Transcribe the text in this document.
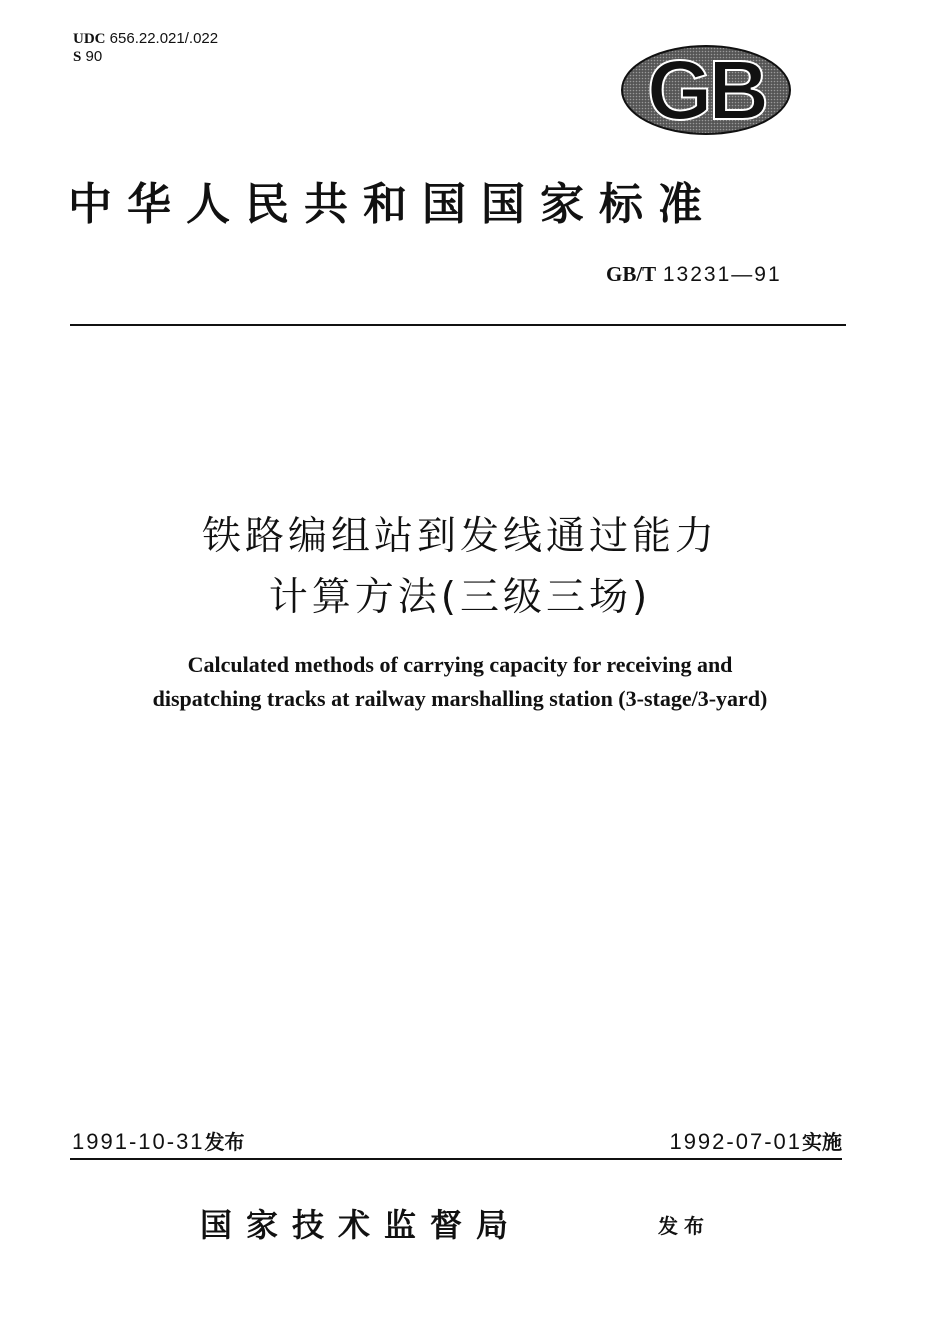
UDC 656.22.021/.022
S 90	GB
中华人民共和国国家标准
GB/T 13231—91
铁路编组站到发线通过能力
计算方法(三级三场)
Calculated methods of carrying capacity for receiving and
dispatching tracks at railway marshalling station (3-stage/3-yard)
1991-10-31发布	1992-07-01实施
国家技术监督局	发布
